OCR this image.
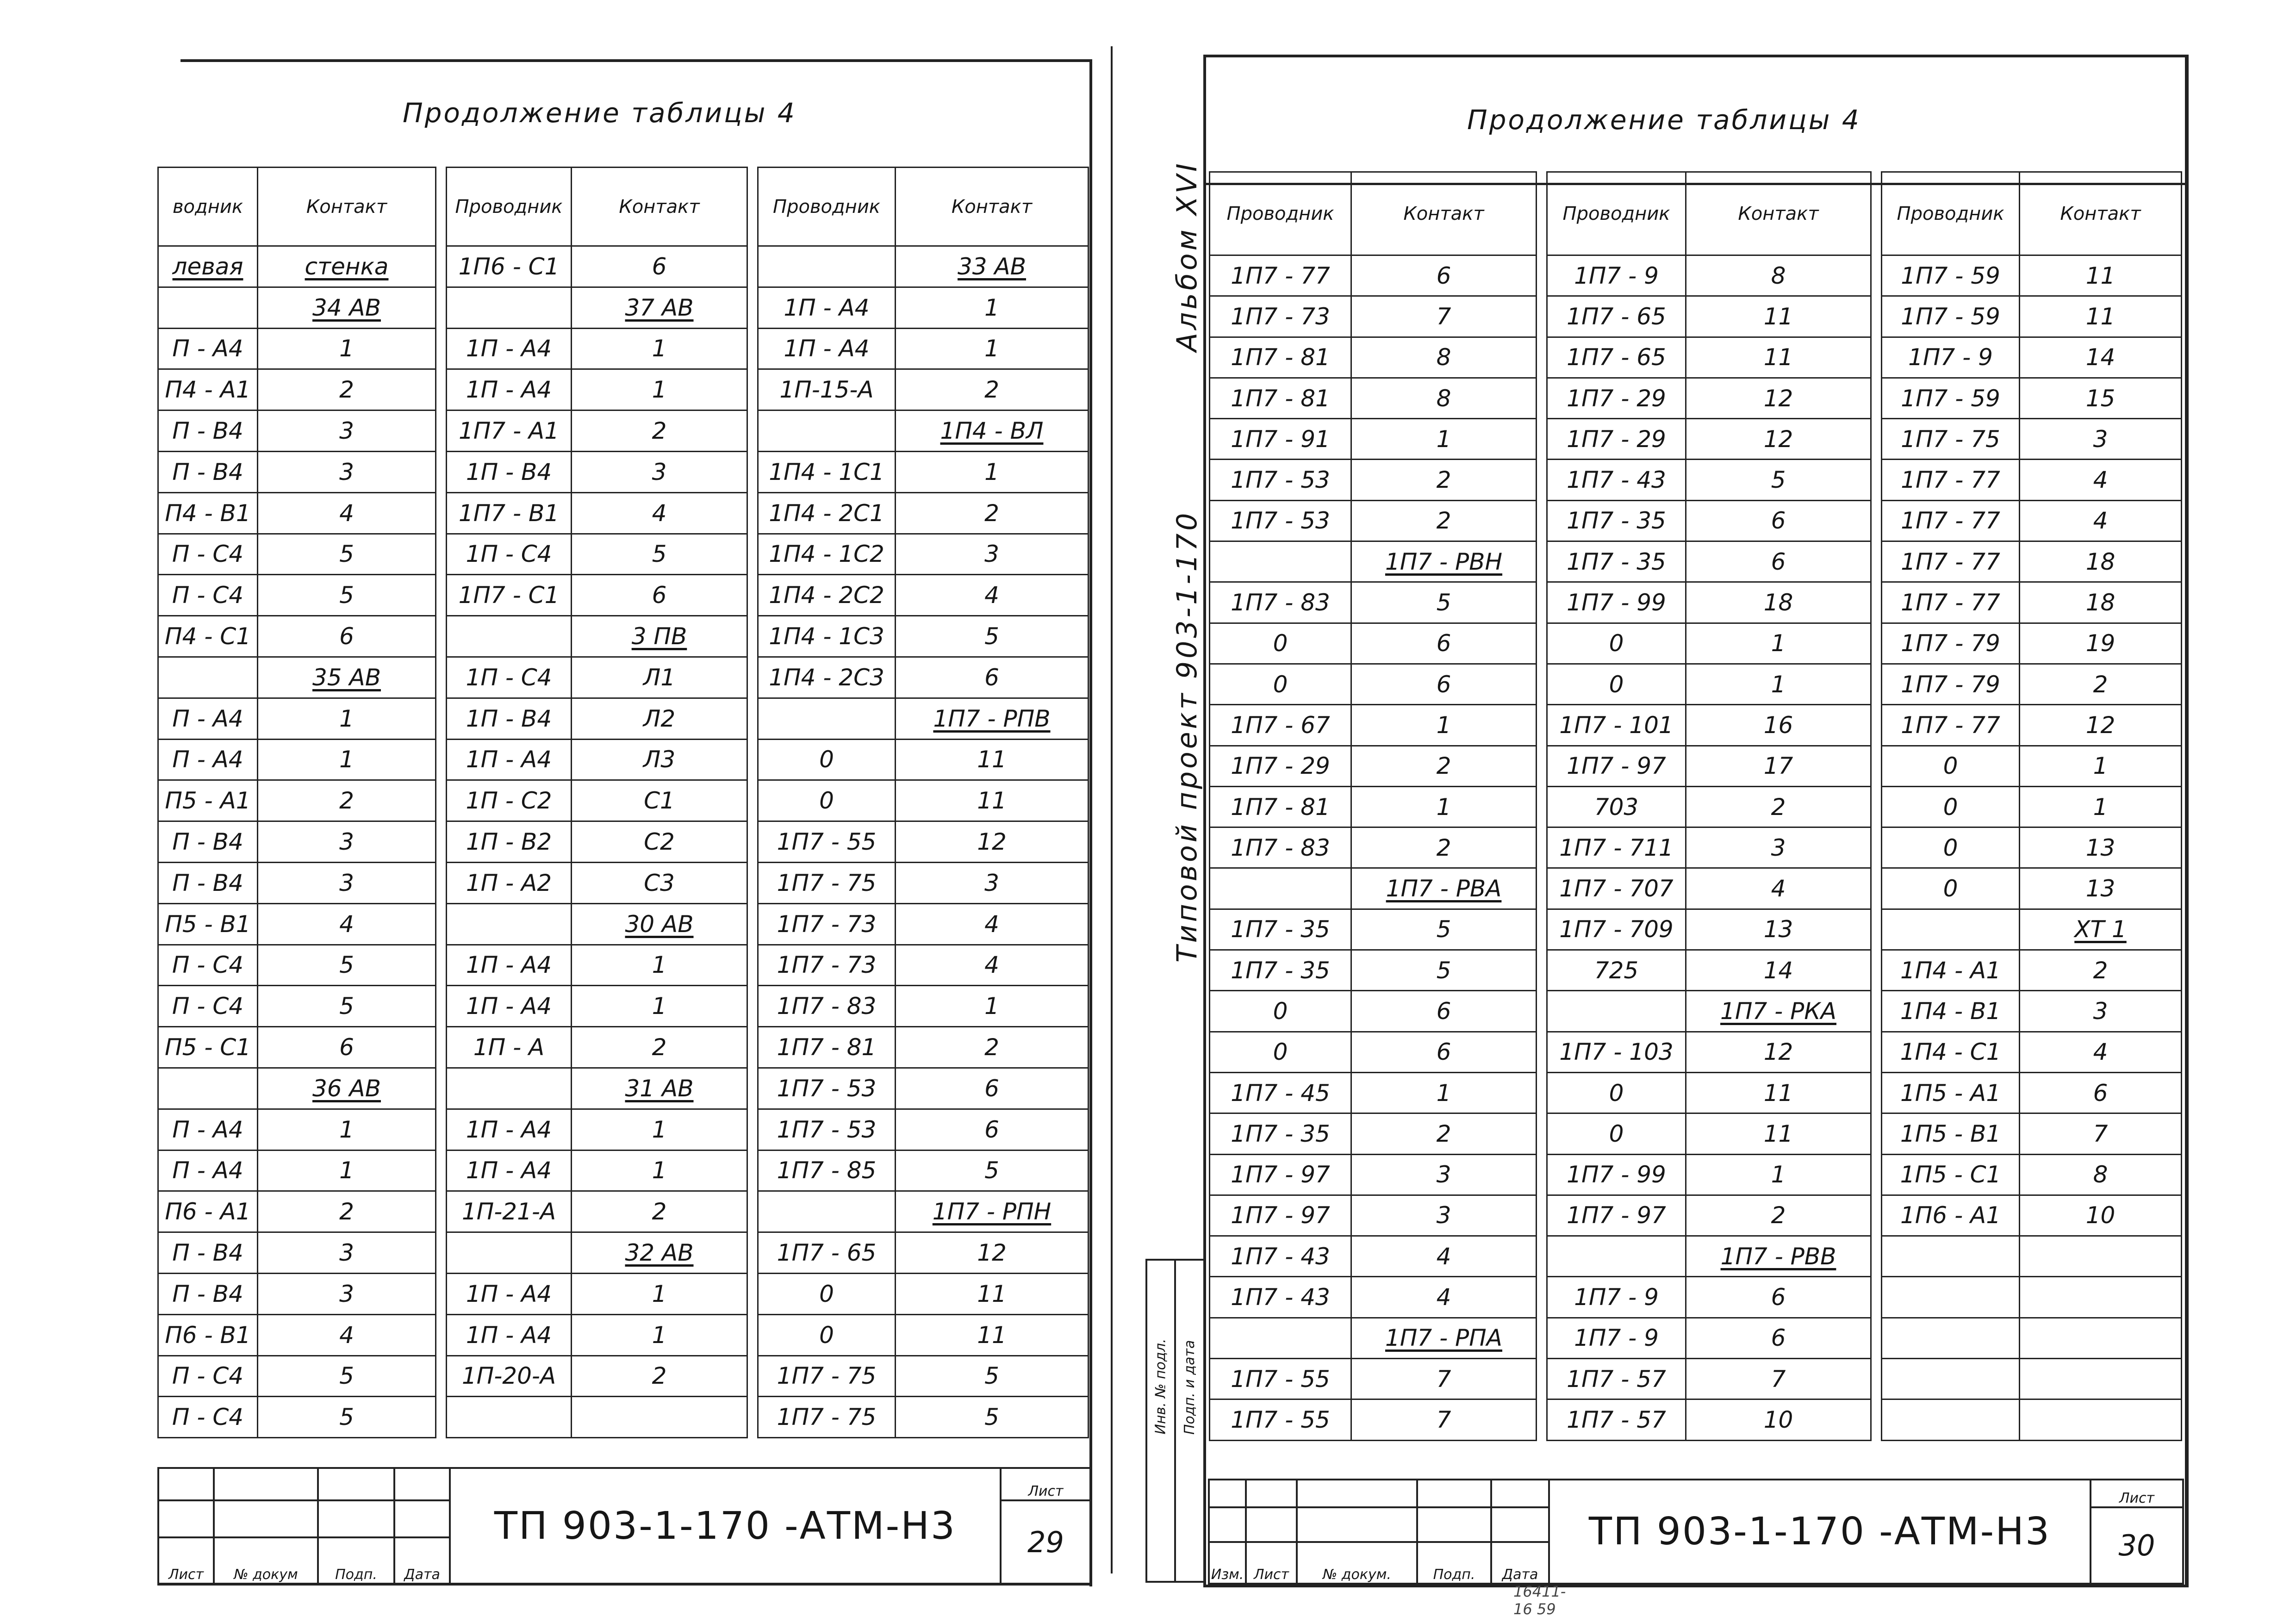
Продолжение таблицы 4
водник	Контакт		Проводник	Контакт		Проводник	Контакт
левая	стенка		1П6 - С1	6			33 АВ
	34 АВ			37 АВ		1П - А4	1
П - А4	1		1П - А4	1		1П - А4	1
П4 - А1	2		1П - А4	1		1П-15-А	2
П - В4	3		1П7 - А1	2			1П4 - ВЛ
П - В4	3		1П - В4	3		1П4 - 1С1	1
П4 - В1	4		1П7 - В1	4		1П4 - 2С1	2
П - С4	5		1П - С4	5		1П4 - 1С2	3
П - С4	5		1П7 - С1	6		1П4 - 2С2	4
П4 - С1	6			3 ПВ		1П4 - 1С3	5
	35 АВ		1П - С4	Л1		1П4 - 2С3	6
П - А4	1		1П - В4	Л2			1П7 - РПВ
П - А4	1		1П - А4	Л3		0	11
П5 - А1	2		1П - С2	С1		0	11
П - В4	3		1П - В2	С2		1П7 - 55	12
П - В4	3		1П - А2	С3		1П7 - 75	3
П5 - В1	4			30 АВ		1П7 - 73	4
П - С4	5		1П - А4	1		1П7 - 73	4
П - С4	5		1П - А4	1		1П7 - 83	1
П5 - С1	6		1П - А	2		1П7 - 81	2
	36 АВ			31 АВ		1П7 - 53	6
П - А4	1		1П - А4	1		1П7 - 53	6
П - А4	1		1П - А4	1		1П7 - 85	5
П6 - А1	2		1П-21-А	2			1П7 - РПН
П - В4	3			32 АВ		1П7 - 65	12
П - В4	3		1П - А4	1		0	11
П6 - В1	4		1П - А4	1		0	11
П - С4	5		1П-20-А	2		1П7 - 75	5
П - С4	5					1П7 - 75	5
				ТП 903-1-170 -АТМ-Н3	Лист
					29
Лист	№ докум	Подп.	Дата		
Продолжение таблицы 4
Альбом XVI
Типовой проект 903-1-170
Проводник	Контакт		Проводник	Контакт		Проводник	Контакт
1П7 - 77	6		1П7 - 9	8		1П7 - 59	11
1П7 - 73	7		1П7 - 65	11		1П7 - 59	11
1П7 - 81	8		1П7 - 65	11		1П7 - 9	14
1П7 - 81	8		1П7 - 29	12		1П7 - 59	15
1П7 - 91	1		1П7 - 29	12		1П7 - 75	3
1П7 - 53	2		1П7 - 43	5		1П7 - 77	4
1П7 - 53	2		1П7 - 35	6		1П7 - 77	4
	1П7 - РВН		1П7 - 35	6		1П7 - 77	18
1П7 - 83	5		1П7 - 99	18		1П7 - 77	18
0	6		0	1		1П7 - 79	19
0	6		0	1		1П7 - 79	2
1П7 - 67	1		1П7 - 101	16		1П7 - 77	12
1П7 - 29	2		1П7 - 97	17		0	1
1П7 - 81	1		703	2		0	1
1П7 - 83	2		1П7 - 711	3		0	13
	1П7 - РВА		1П7 - 707	4		0	13
1П7 - 35	5		1П7 - 709	13			ХТ 1
1П7 - 35	5		725	14		1П4 - А1	2
0	6			1П7 - РКА		1П4 - В1	3
0	6		1П7 - 103	12		1П4 - С1	4
1П7 - 45	1		0	11		1П5 - А1	6
1П7 - 35	2		0	11		1П5 - В1	7
1П7 - 97	3		1П7 - 99	1		1П5 - С1	8
1П7 - 97	3		1П7 - 97	2		1П6 - А1	10
1П7 - 43	4			1П7 - РВВ			
1П7 - 43	4		1П7 - 9	6			
	1П7 - РПА		1П7 - 9	6			
1П7 - 55	7		1П7 - 57	7			
1П7 - 55	7		1П7 - 57	10			
Инв. № подл.	Подп. и дата
					ТП 903-1-170 -АТМ-Н3	Лист
						30
Изм.	Лист	№ докум.	Подп.	Дата		
16411-16 59
